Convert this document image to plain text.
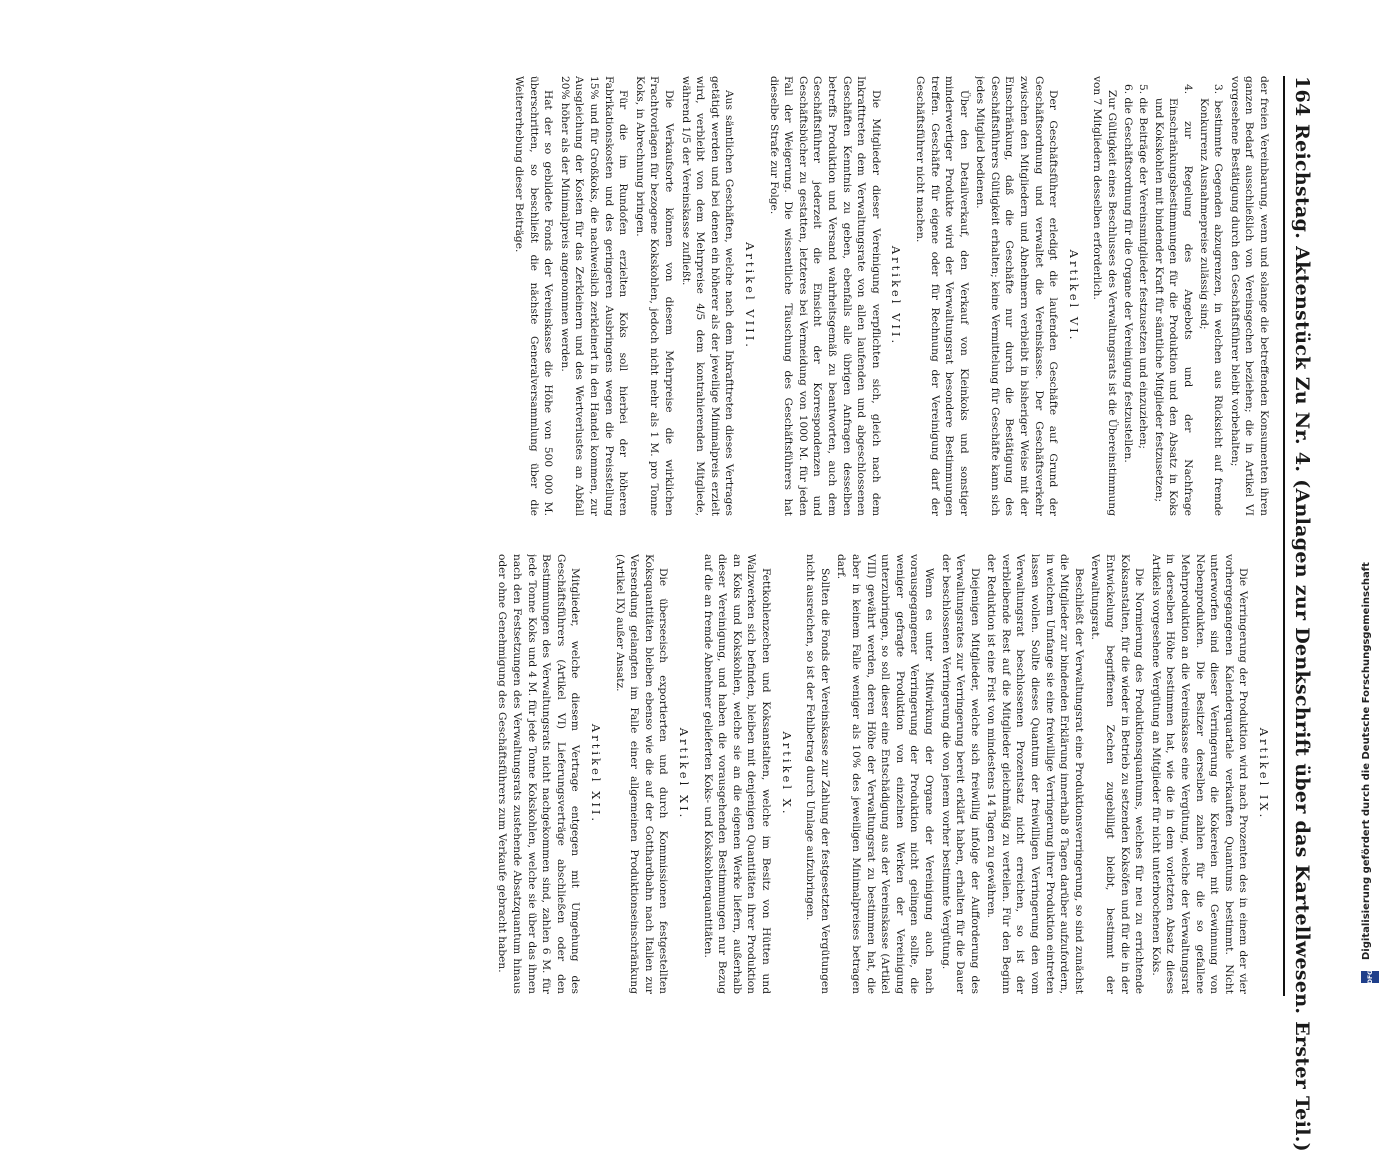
164
Reichstag. Aktenstück Zu Nr. 4. (Anlagen zur Denkschrift über das Kartellwesen. Erster Teil.)

der freien Vereinbarung, wenn und solange die betreffenden Konsumenten ihren ganzen Bedarf ausschließlich von Vereinsgechen beziehen; die in Artikel VI vorgesehene Bestätigung durch den Geschäftsführer bleibt vorbehalten;

3. bestimmte Gegenden abzugrenzen, in welchen aus Rücksicht auf fremde Konkurrenz Ausnahmepreise zulässig sind;

4. zur Regelung des Angebots und der Nachfrage Einschränkungsbestimmungen für die Produktion und den Absatz in Koks und Kokskohlen mit bindender Kraft für sämtliche Mitglieder festzusetzen;

5. die Beiträge der Vereinsmitglieder festzusetzen und einzuziehen;

6. die Geschäftsordnung für die Organe der Vereinigung festzustellen.

Zur Gültigkeit eines Beschlusses des Verwaltungsrats ist die Übereinstimmung von 7 Mitgliedern desselben erforderlich.

Artikel VI.

Der Geschäftsführer erledigt die laufenden Geschäfte auf Grund der Geschäftsordnung und verwaltet die Vereinskasse. Der Geschäftsverkehr zwischen den Mitgliedern und Abnehmern verbleibt in bisheriger Weise mit der Einschränkung, daß die Geschäfte nur durch die Bestätigung des Geschäftsführers Gültigkeit erhalten; keine Vermittelung für Geschäfte kann sich jedes Mitglied bedienen.

Über den Detailverkauf, den Verkauf von Kleinkoks und sonstiger minderwertiger Produkte wird der Verwaltungsrat besondere Bestimmungen treffen. Geschäfte für eigene oder für Rechnung der Vereinigung darf der Geschäftsführer nicht machen.

Artikel VII.

Die Mitglieder dieser Vereinigung verpflichten sich, gleich nach dem Inkrafttreten dem Verwaltungsrate von allen laufenden und abgeschlossenen Geschäften Kenntnis zu geben, ebenfalls alle übrigen Anfragen desselben betreffs Produktion und Versand wahrheitsgemäß zu beantworten, auch dem Geschäftsführer jederzeit die Einsicht der Korrespondenzen und Geschäftsbücher zu gestatten, letzteres bei Vermeidung von 1000 M. für jeden Fall der Weigerung. Die wissentliche Täuschung des Geschäftsführers hat dieselbe Strafe zur Folge.

Artikel VIII.

Aus sämtlichen Geschäften, welche nach dem Inkrafttreten dieses Vertrages getätigt werden und bei denen ein höherer als der jeweilige Minimalpreis erzielt wird, verbleibt von dem Mehrpreise 4/5 dem kontrahierenden Mitgliede, während 1/5 der Vereinskasse zufließt.

Die Verkaufsorte können von diesem Mehrpreise die wirklichen Frachtvorlagen für bezogene Kokskohlen, jedoch nicht mehr als 1 M. pro Tonne Koks, in Abrechnung bringen.

Für die im Rundofen erzielten Koks soll hierbei der höheren Fabrikationskosten und des geringeren Ausbringens wegen die Preisstellung 15% und für Großkoks, die nachweislich zerkleinert in den Handel kommen, zur Ausgleichung der Kosten für das Zerkleinern und des Wertverlustes an Abfall 20% höher als der Minimalpreis angenommen werden.

Hat der so gebildete Fonds der Vereinskasse die Höhe von 500 000 M. überschritten, so beschließt die nächste Generalversammlung über die Weitererhebung dieser Beiträge.

Artikel IX.

Die Verringerung der Produktion wird nach Prozenten des in einem der vier vorhergegangenen Kalenderquartale verkauften Quantums bestimmt. Nicht unterworfen sind dieser Verringerung die Kokereien mit Gewinnung von Nebenprodukten. Die Besitzer derselben zahlen für die so gefallene Mehrproduktion an die Vereinskasse eine Vergütung, welche der Verwaltungsrat in derselben Höhe bestimmen hat, wie die in dem vorletzten Absatz dieses Artikels vorgesehene Vergütung an Mitglieder für nicht unterbrochenen Koks.

Die Normierung des Produktionsquantums, welches für neu zu errichtende Koksanstalten, für die wieder in Betrieb zu setzenden Koksöfen und für die in der Entwickelung begriffenen Zechen zugebilligt bleibt, bestimmt der Verwaltungsrat.

Beschließt der Verwaltungsrat eine Produktionsverringerung, so sind zunächst die Mitglieder zur bindenden Erklärung innerhalb 8 Tagen darüber aufzufordern, in welchem Umfange sie eine freiwillige Verringerung ihrer Produktion eintreten lassen wollen. Sollte dieses Quantum der freiwilligen Verringerung den vom Verwaltungsrat beschlossenen Prozentsatz nicht erreichen, so ist der verbleibende Rest auf die Mitglieder gleichmäßig zu verteilen. Für den Beginn der Reduktion ist eine Frist von mindestens 14 Tagen zu gewähren.

Diejenigen Mitglieder, welche sich freiwillig infolge der Aufforderung des Verwaltungsrates zur Verringerung bereit erklärt haben, erhalten für die Dauer der beschlossenen Verringerung die von jenem vorher bestimmte Vergütung.

Wenn es unter Mitwirkung der Organe der Vereinigung auch nach vorausgegangener Verringerung der Produktion nicht gelingen sollte, die weniger gefragte Produktion von einzelnen Werken der Vereinigung unterzubringen, so soll dieser eine Entschädigung aus der Vereinskasse (Artikel VIII) gewährt werden, deren Höhe der Verwaltungsrat zu bestimmen hat, die aber in keinem Falle weniger als 10% des jeweiligen Minimalpreises betragen darf.

Sollten die Fonds der Vereinskasse zur Zahlung der festgesetzten Vergütungen nicht ausreichen, so ist der Fehlbetrag durch Umlage aufzubringen.

Artikel X.

Fettkohlenzechen und Koksanstalten, welche im Besitz von Hütten und Walzwerken sich befinden, bleiben mit denjenigen Quantitäten ihrer Produktion an Koks und Kokskohlen, welche sie an die eigenen Werke liefern, außerhalb dieser Vereinigung, und haben die vorausgehenden Bestimmungen nur Bezug auf die an fremde Abnehmer gelieferten Koks- und Kokskohlenquantitäten.

Artikel XI.

Die überseeisch exportierten und durch Kommissionen festgestellten Koksquantitäten bleiben ebenso wie die auf der Gotthardbahn nach Italien zur Versendung gelangten im Falle einer allgemeinen Produktionseinschränkung (Artikel IX) außer Ansatz.

Artikel XII.

Mitglieder, welche diesem Vertrage entgegen mit Umgehung des Geschäftsführers (Artikel VI) Lieferungsverträge abschließen oder den Bestimmungen des Verwaltungsrats nicht nachgekommen sind, zahlen 6 M. für jede Tonne Koks und 4 M. für jede Tonne Kokskohlen, welche sie über das ihnen nach den Festsetzungen des Verwaltungsrats zustehende Absatzquantum hinaus oder ohne Genehmigung des Geschäftsführers zum Verkaufe gebracht haben.

DFG
Digitalisierung gefördert durch die Deutsche Forschungsgemeinschaft
